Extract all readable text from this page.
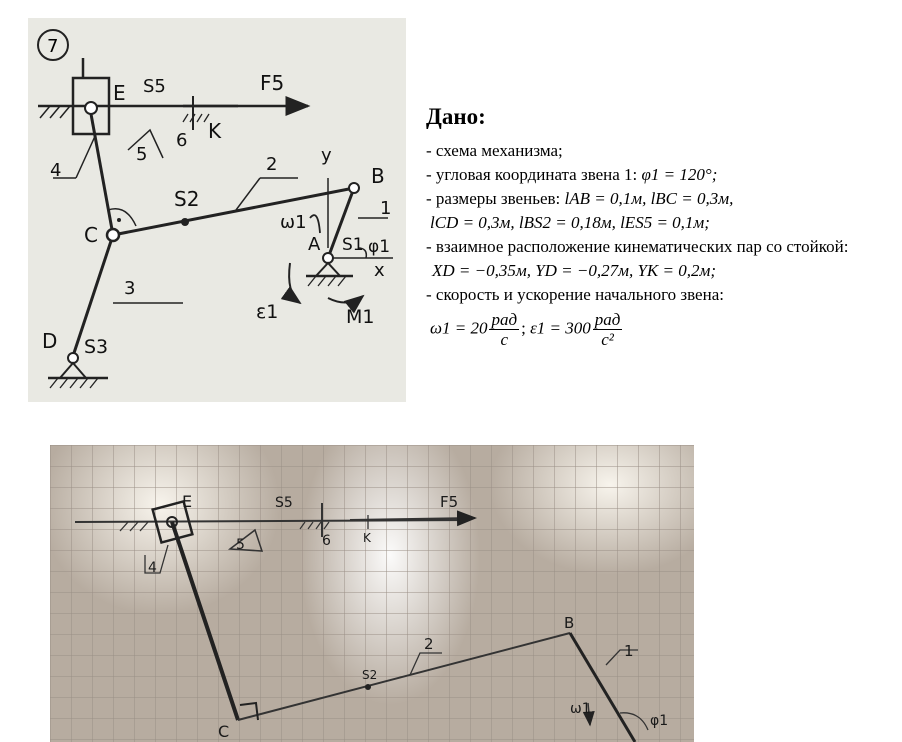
7
E S5	F5
5
6 K
4	2
S2
C
y
B
1
ω1
A S1 φ1
x
3
D S3
ε1	M1
Дано:
- схема механизма;
- угловая координата звена 1: φ1 = 120°;
- размеры звеньев: lAB = 0,1м, lBC = 0,3м,
lCD = 0,3м, lBS2 = 0,18м, lES5 = 0,1м;
- взаимное расположение кинематических пар со стойкой:
XD = −0,35м, YD = −0,27м, YK = 0,2м;
- скорость и ускорение начального звена:
$\omega 1 = 20 \frac{\text{рад}}{с}$ ; $\varepsilon 1 = 300 \frac{\text{рад}}{\text{с²}}$
E	S5	F5
5	6	K
4
2
S2
B
1
C
ω1
φ1
